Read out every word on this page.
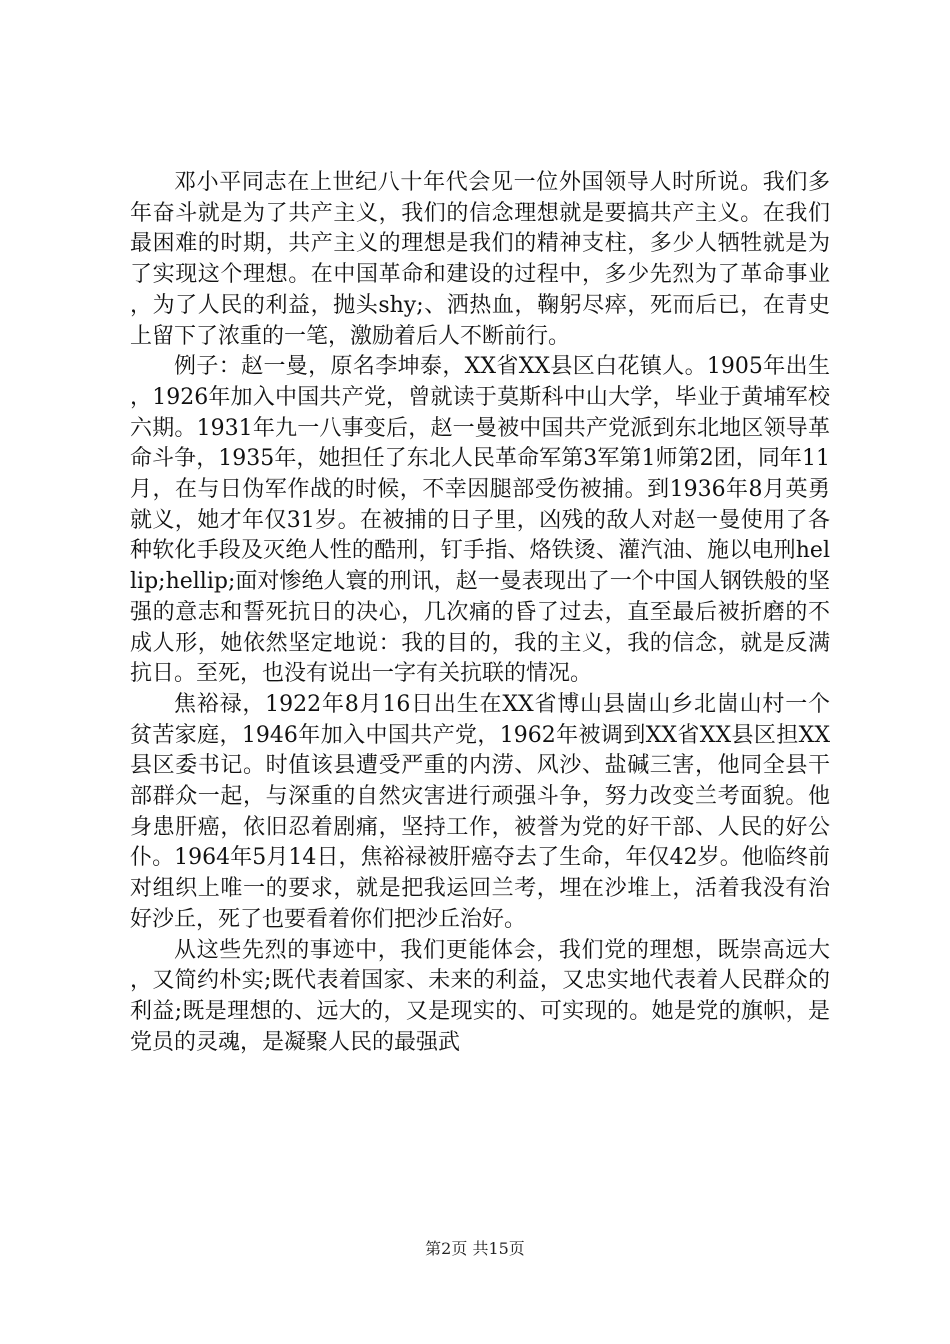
邓小平同志在上世纪八十年代会见一位外国领导人时所说。我们多年奋斗就是为了共产主义，我们的信念理想就是要搞共产主义。在我们最困难的时期，共产主义的理想是我们的精神支柱，多少人牺牲就是为了实现这个理想。在中国革命和建设的过程中，多少先烈为了革命事业，为了人民的利益，抛头shy;、洒热血，鞠躬尽瘁，死而后已，在青史上留下了浓重的一笔，激励着后人不断前行。

例子：赵一曼，原名李坤泰，XX省XX县区白花镇人。1905年出生，1926年加入中国共产党，曾就读于莫斯科中山大学，毕业于黄埔军校六期。1931年九一八事变后，赵一曼被中国共产党派到东北地区领导革命斗争，1935年，她担任了东北人民革命军第3军第1师第2团，同年11月，在与日伪军作战的时候，不幸因腿部受伤被捕。到1936年8月英勇就义，她才年仅31岁。在被捕的日子里，凶残的敌人对赵一曼使用了各种软化手段及灭绝人性的酷刑，钉手指、烙铁烫、灌汽油、施以电刑hellip;hellip;面对惨绝人寰的刑讯，赵一曼表现出了一个中国人钢铁般的坚强的意志和誓死抗日的决心，几次痛的昏了过去，直至最后被折磨的不成人形，她依然坚定地说：我的目的，我的主义，我的信念，就是反满抗日。至死，也没有说出一字有关抗联的情况。

焦裕禄，1922年8月16日出生在XX省博山县崮山乡北崮山村一个贫苦家庭，1946年加入中国共产党，1962年被调到XX省XX县区担XX县区委书记。时值该县遭受严重的内涝、风沙、盐碱三害，他同全县干部群众一起，与深重的自然灾害进行顽强斗争，努力改变兰考面貌。他身患肝癌，依旧忍着剧痛，坚持工作，被誉为党的好干部、人民的好公仆。1964年5月14日，焦裕禄被肝癌夺去了生命，年仅42岁。他临终前对组织上唯一的要求，就是把我运回兰考，埋在沙堆上，活着我没有治好沙丘，死了也要看着你们把沙丘治好。

从这些先烈的事迹中，我们更能体会，我们党的理想，既崇高远大，又简约朴实;既代表着国家、未来的利益，又忠实地代表着人民群众的利益;既是理想的、远大的，又是现实的、可实现的。她是党的旗帜，是党员的灵魂，是凝聚人民的最强武

第2页 共15页
